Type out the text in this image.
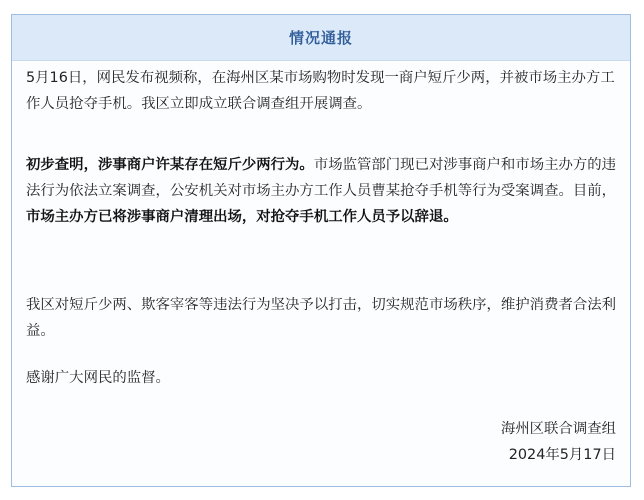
情况通报

5月16日，网民发布视频称，在海州区某市场购物时发现一商户短斤少两，并被市场主办方工作人员抢夺手机。我区立即成立联合调查组开展调查。

初步查明，涉事商户许某存在短斤少两行为。市场监管部门现已对涉事商户和市场主办方的违法行为依法立案调查，公安机关对市场主办方工作人员曹某抢夺手机等行为受案调查。目前，市场主办方已将涉事商户清理出场，对抢夺手机工作人员予以辞退。

我区对短斤少两、欺客宰客等违法行为坚决予以打击，切实规范市场秩序，维护消费者合法利益。

感谢广大网民的监督。

海州区联合调查组
2024年5月17日
